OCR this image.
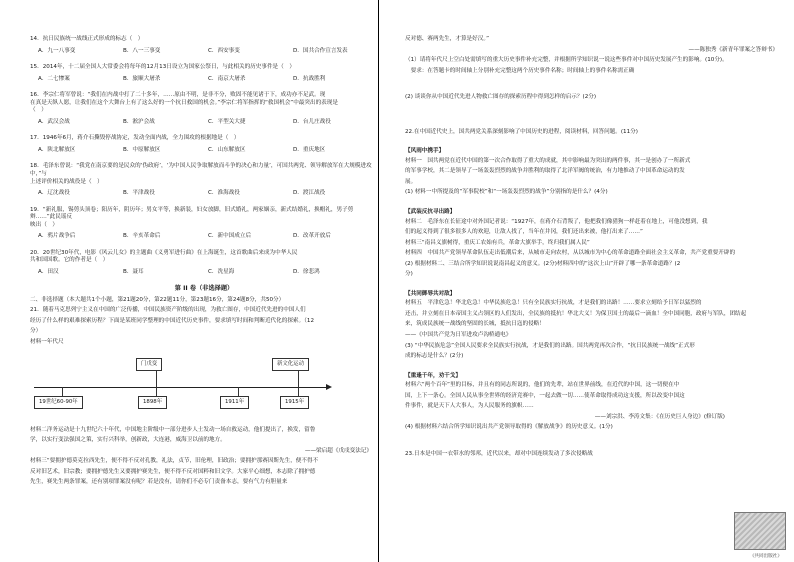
14．抗日民族统一战线正式形成的标志（　）
A．九一八事变	B．八一三事变	C．西安事变	D．国共合作宣言发表
15．2014年，十二届全国人大常委会将每年的12月13日设立为国家公祭日，与此相关的历史事件是（　）
A．二七惨案	B．旅顺大屠杀	C．南京大屠杀	D．抗战胜利
16．李宗仁将军曾说：“我们在内战中打了二十多年，……原由不明，是非不分，败固不能见诸于下，成功亦不足武。现
在真是天纵人愿，让我们在这个大舞台上有了这么好的一个抗日救国的机会。”李宗仁将军指挥的“救国机会”中最突出的表现是
（　）
A．武汉会战	B．淞沪会战	C．平型关大捷	D．台儿庄战役
17．1946年6月，蒋介石撕毁停战协定，发动全面内战，全力围攻的根据地是（　）
A．陕北解放区	B．中原解放区	C．山东解放区	D．重庆地区
18．毛泽东曾说：“我党在南京要的是民众的‘伪政府’，‘为中国人民争取解放而斗争的决心和力量’，可国共两党、领导解放军在大规模进攻中，”与
上述评价相关的战役是（　）
A．辽沈战役	B．平津战役	C．淮海战役	D．渡江战役
19．“新礼服，锡剪头顶卷；阳历年，阴历年；男女平等，换新装，妇女放脚，旧式婚礼，两家姻亲，新式结婚礼，换帽礼，男子剪辫……”此民谣反
映出（　）
A．鸦片战争后	B．辛亥革命后	C．新中国成立后	D．改革开放后
20．20世纪30年代，电影《风云儿女》的主题曲《义勇军进行曲》在上海诞生，这首歌曲后来成为中华人民
共和国国歌。它的作者是（　）
A．田汉	B．聂耳	C．冼星海	D．徐悲鸿
第 II 卷（非选择题）
二、非选择题（本大题共1个小题，第21题20分，第22题11分，第23题16分，第24题8分，共50分）
21．随着马克思列宁主义在中国的广泛传播，中国民族资产阶级的出现，为救亡图存，中国近代先进的中国人们
经历了什么样的艰难探索历程？下面是某班同学整理的中国近代历史事件，要求填写时间和判断近代化的探索。（12
分）
材料一年代尺
门戊变	新文化运动
19世纪60-90年	1898年	1911年	1915年
材料二洋务运动是十九世纪六十年代，中国地主阶级中一部分进步人士发动一场自救运动，他们提出了，换发，留鲁
学，以实行变法强国之策，实行兴科举，创新政，大连港，威海卫以前的地方。
——梁启超《戊戌变法记》
材料三“要拥护德莫克拉西先生，便不得不反对孔教，礼法，贞节，旧伦理，旧政治；要拥护那赛因斯先生，便不得不
反对旧艺术，旧宗教；要拥护德先生又要拥护赛先生，便不得不反对国粹和旧文学。大家平心细想，本志除了拥护德
先生，赛先生两条罪案，还有别项罪案没有呢？若是没有，请你们不必专门责备本志，要有气力有胆量来
反对德、赛两先生，才算是好汉。”
——陈独秀《新青年罪案之答辩书》
（1）请将年代尺上空白处需填写的重大历史事件补充完整，并根据所学知识说一说这些事件对中国历史发展产生的影响。(10分)。
　要求：在答题卡的时间轴上分别补充完整这两个历史事件名称；时间轴上的事件名称需正确
(2) 谈谈你从中国近代先进人物救亡图存的探索历程中得到怎样的启示？(2分)
22.在中国近代史上，国共两党关系深刻影响了中国历史的进程，阅读材料，回答问题。(11分)
【风雨中携手】
材料一　国共两党在近代中国的第一次合作取得了重大的成就，其中影响最为突出的两件事，其一是创办了一所新式
的军事学校，其二是领导了一场轰轰烈烈的战争并胜利的取得了北洋军阀的统治，有力地推动了中国革命运动的发
展。
(1) 材料一中所提及的“军事院校”和“一场轰轰烈烈的战争”分别指的是什么？(4分)
【武装反抗寻出路】
材料二　毛泽东在长征途中对外国记者说：“1927年，在蒋介石背叛了，他把我们像猎狗一样赶着在地上，可他没想到，我
们的起义得到了很多很多人的欢迎，让敌人找了，当年在井冈，我们还出来被，他打出来了……”
材料三“南昌义旗树得，重庆工农始有兵，革命大旗举手，终归我们属人民”
材料四　中国共产党领导革命队伍走出低潮后来，从城市走向农村，从以城市为中心的革命道路全面社会主义革命，共产党重要开辟的
(2) 根据材料二、三结合所学知识说说南昌起义的意义。(2分)材料四中的“这次上山”开辟了哪一条革命道路？(2
分)
【共同御辱共对敌】
材料五　平津危急！华北危急！中华民族危急！只有全民族实行抗战，才是我们的出路！……要求立刻给予日军以猛烈的
还击，并立刻在日本帝国主义占领区的人们发出，全民族的抵抗！华北大义！为保卫国土的最后一滴血！全中国同胞，政府与军队，团结起
来，筑成民族统一战线的坚固的长城，抵抗日寇的侵略！
——《中国共产党为日军进攻卢沟桥通电》
(3) “中华民族危急”全国人民要求全民族实行抗战，才是我们的出路。国共两党再次合作，“抗日民族统一战线”正式形
成的标志是什么？(2分)
【重逢千年，劝干戈】
材料六“两个百年”里的目标，并且有的同志所说的，他们的先辈，站在世界前线，在近代的中国，这一切便在中
国，上下一条心。全国人民从事全世界的经济竞赛中，一起去做一切……使革命取得成功这支援，所以改变中国这
件事件，就是天下人大事人，为人民服务的旗帜……
——刘宗洪、李涛文集：《在历史巨人身边》(修订版)
(4) 根据材料六结合所学知识说出共产党领导取得的《解放战争》的历史意义。(1分)
23.日本是中国一衣带水的邻邦，近代以来，却对中国连续发动了多次侵略战
《共同出版社》
